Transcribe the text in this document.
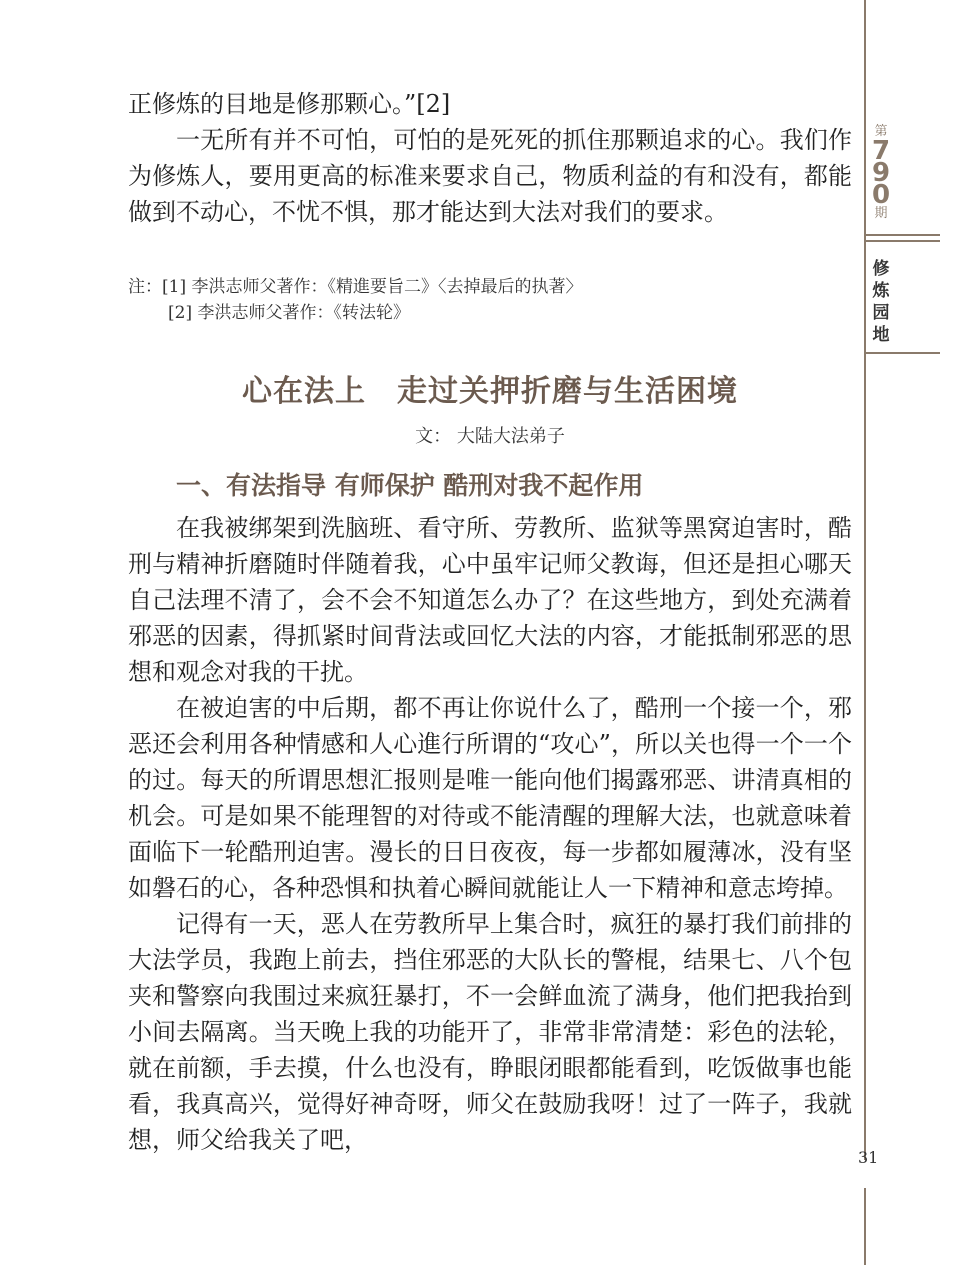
第
790
期
修
炼
园
地
31

正修炼的目地是修那颗心。”[2]

一无所有并不可怕，可怕的是死死的抓住那颗追求的心。我们作为修炼人，要用更高的标准来要求自己，物质利益的有和没有，都能做到不动心，不忧不惧，那才能达到大法对我们的要求。

注：[1] 李洪志师父著作：《精進要旨二》〈去掉最后的执著〉
[2] 李洪志师父著作：《转法轮》
心在法上　走过关押折磨与生活困境
文： 大陆大法弟子
一、有法指导 有师保护 酷刑对我不起作用

在我被绑架到洗脑班、看守所、劳教所、监狱等黑窝迫害时，酷刑与精神折磨随时伴随着我，心中虽牢记师父教诲，但还是担心哪天自己法理不清了，会不会不知道怎么办了？在这些地方，到处充满着邪恶的因素，得抓紧时间背法或回忆大法的内容，才能抵制邪恶的思想和观念对我的干扰。

在被迫害的中后期，都不再让你说什么了，酷刑一个接一个，邪恶还会利用各种情感和人心進行所谓的“攻心”，所以关也得一个一个的过。每天的所谓思想汇报则是唯一能向他们揭露邪恶、讲清真相的机会。可是如果不能理智的对待或不能清醒的理解大法，也就意味着面临下一轮酷刑迫害。漫长的日日夜夜，每一步都如履薄冰，没有坚如磐石的心，各种恐惧和执着心瞬间就能让人一下精神和意志垮掉。

记得有一天，恶人在劳教所早上集合时，疯狂的暴打我们前排的大法学员，我跑上前去，挡住邪恶的大队长的警棍，结果七、八个包夹和警察向我围过来疯狂暴打，不一会鲜血流了满身，他们把我抬到小间去隔离。当天晚上我的功能开了，非常非常清楚：彩色的法轮，就在前额，手去摸，什么也没有，睁眼闭眼都能看到，吃饭做事也能看，我真高兴，觉得好神奇呀，师父在鼓励我呀！过了一阵子，我就想，师父给我关了吧，
